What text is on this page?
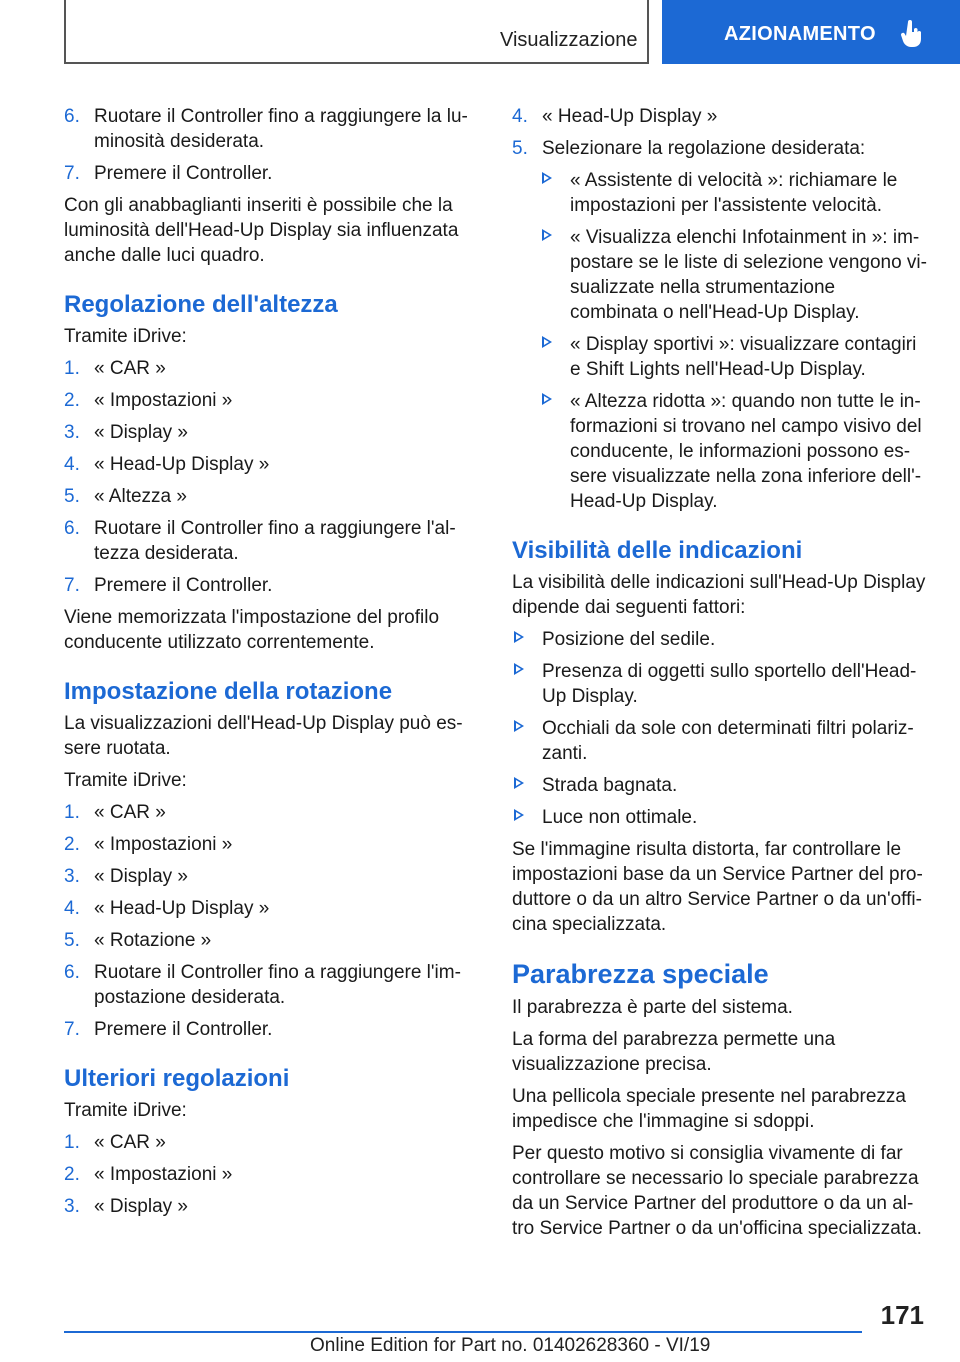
Visualizzazione	AZIONAMENTO
6. Ruotare il Controller fino a raggiungere la luminosità desiderata.
7. Premere il Controller.

Con gli anabbaglianti inseriti è possibile che la luminosità dell'Head-Up Display sia influenzata anche dalle luci quadro.

Regolazione dell'altezza

Tramite iDrive:

1. « CAR »
2. « Impostazioni »
3. « Display »
4. « Head-Up Display »
5. « Altezza »
6. Ruotare il Controller fino a raggiungere l'altezza desiderata.
7. Premere il Controller.

Viene memorizzata l'impostazione del profilo conducente utilizzato correntemente.

Impostazione della rotazione

La visualizzazioni dell'Head-Up Display può essere ruotata.

Tramite iDrive:

1. « CAR »
2. « Impostazioni »
3. « Display »
4. « Head-Up Display »
5. « Rotazione »
6. Ruotare il Controller fino a raggiungere l'impostazione desiderata.
7. Premere il Controller.
Ulteriori regolazioni

Tramite iDrive:

1. « CAR »
2. « Impostazioni »
3. « Display »
4. « Head-Up Display »
5. Selezionare la regolazione desiderata:
« Assistente di velocità »: richiamare le impostazioni per l'assistente velocità.
« Visualizza elenchi Infotainment in »: impostare se le liste di selezione vengono visualizzate nella strumentazione combinata o nell'Head-Up Display.
« Display sportivi »: visualizzare contagiri e Shift Lights nell'Head-Up Display.
« Altezza ridotta »: quando non tutte le informazioni si trovano nel campo visivo del conducente, le informazioni possono essere visualizzate nella zona inferiore dell'Head-Up Display.
Visibilità delle indicazioni

La visibilità delle indicazioni sull'Head-Up Display dipende dai seguenti fattori:

Posizione del sedile.
Presenza di oggetti sullo sportello dell'Head-Up Display.
Occhiali da sole con determinati filtri polarizzanti.
Strada bagnata.
Luce non ottimale.

Se l'immagine risulta distorta, far controllare le impostazioni base da un Service Partner del produttore o da un altro Service Partner o da un'officina specializzata.

Parabrezza speciale

Il parabrezza è parte del sistema.

La forma del parabrezza permette una visualizzazione precisa.

Una pellicola speciale presente nel parabrezza impedisce che l'immagine si sdoppi.

Per questo motivo si consiglia vivamente di far controllare se necessario lo speciale parabrezza da un Service Partner del produttore o da un altro Service Partner o da un'officina specializzata.

171
Online Edition for Part no. 01402628360 - VI/19
